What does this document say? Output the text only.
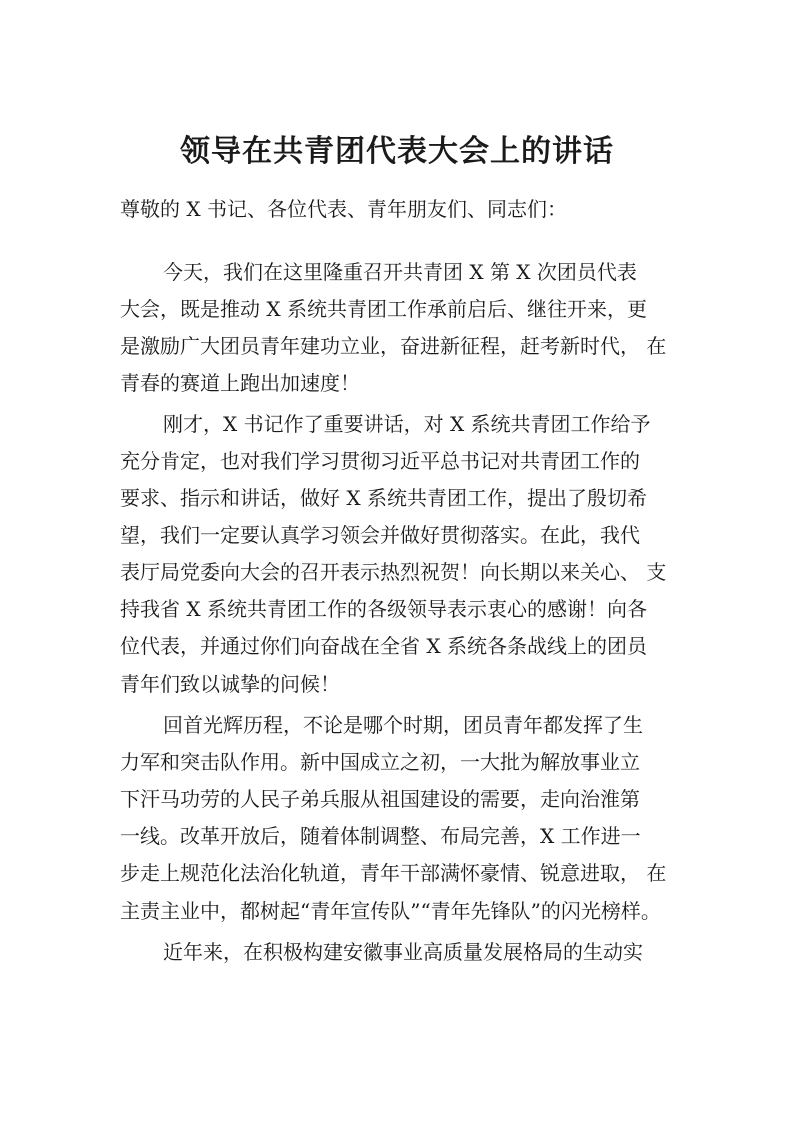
领导在共青团代表大会上的讲话
尊敬的 X 书记、各位代表、青年朋友们、同志们：
今天，我们在这里隆重召开共青团 X 第 X 次团员代表
大会，既是推动 X 系统共青团工作承前启后、继往开来，更
是激励广大团员青年建功立业，奋进新征程，赶考新时代， 在
青春的赛道上跑出加速度！
刚才，X 书记作了重要讲话，对 X 系统共青团工作给予
充分肯定，也对我们学习贯彻习近平总书记对共青团工作的
要求、指示和讲话，做好 X 系统共青团工作，提出了殷切希
望，我们一定要认真学习领会并做好贯彻落实。在此，我代
表厅局党委向大会的召开表示热烈祝贺！向长期以来关心、 支
持我省 X 系统共青团工作的各级领导表示衷心的感谢！向各
位代表，并通过你们向奋战在全省 X 系统各条战线上的团员
青年们致以诚挚的问候！
回首光辉历程，不论是哪个时期，团员青年都发挥了生
力军和突击队作用。新中国成立之初，一大批为解放事业立
下汗马功劳的人民子弟兵服从祖国建设的需要，走向治淮第
一线。改革开放后，随着体制调整、布局完善，X 工作进一
步走上规范化法治化轨道，青年干部满怀豪情、锐意进取， 在
主责主业中，都树起“青年宣传队”“青年先锋队”的闪光榜样。
近年来，在积极构建安徽事业高质量发展格局的生动实
